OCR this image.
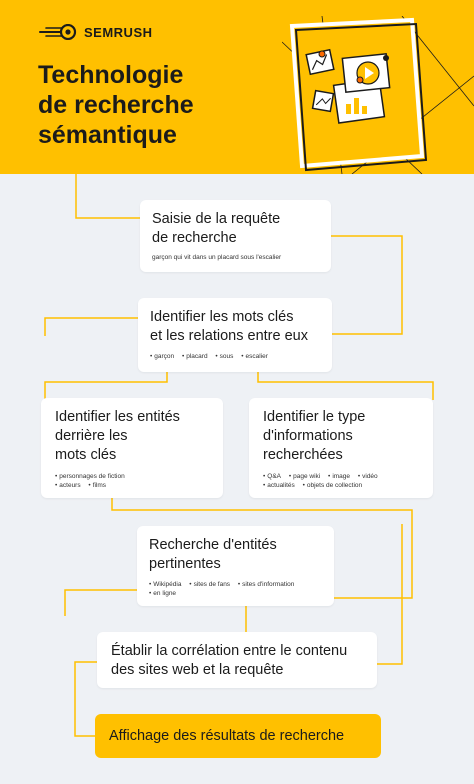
SEMRUSH
Technologie
de recherche
sémantique
Saisie de la requête
de recherche
garçon qui vit dans un placard sous l'escalier
Identifier les mots clés
et les relations entre eux
• garçon • placard • sous • escalier
Identifier les entités
derrière les
mots clés
• personnages de fiction
• acteurs • films
Identifier le type
d'informations
recherchées
• Q&A • page wiki • image • vidéo
• actualités • objets de collection
Recherche d'entités
pertinentes
• Wikipédia • sites de fans • sites d'information
• en ligne
Établir la corrélation entre le contenu
des sites web et la requête
Affichage des résultats de recherche
